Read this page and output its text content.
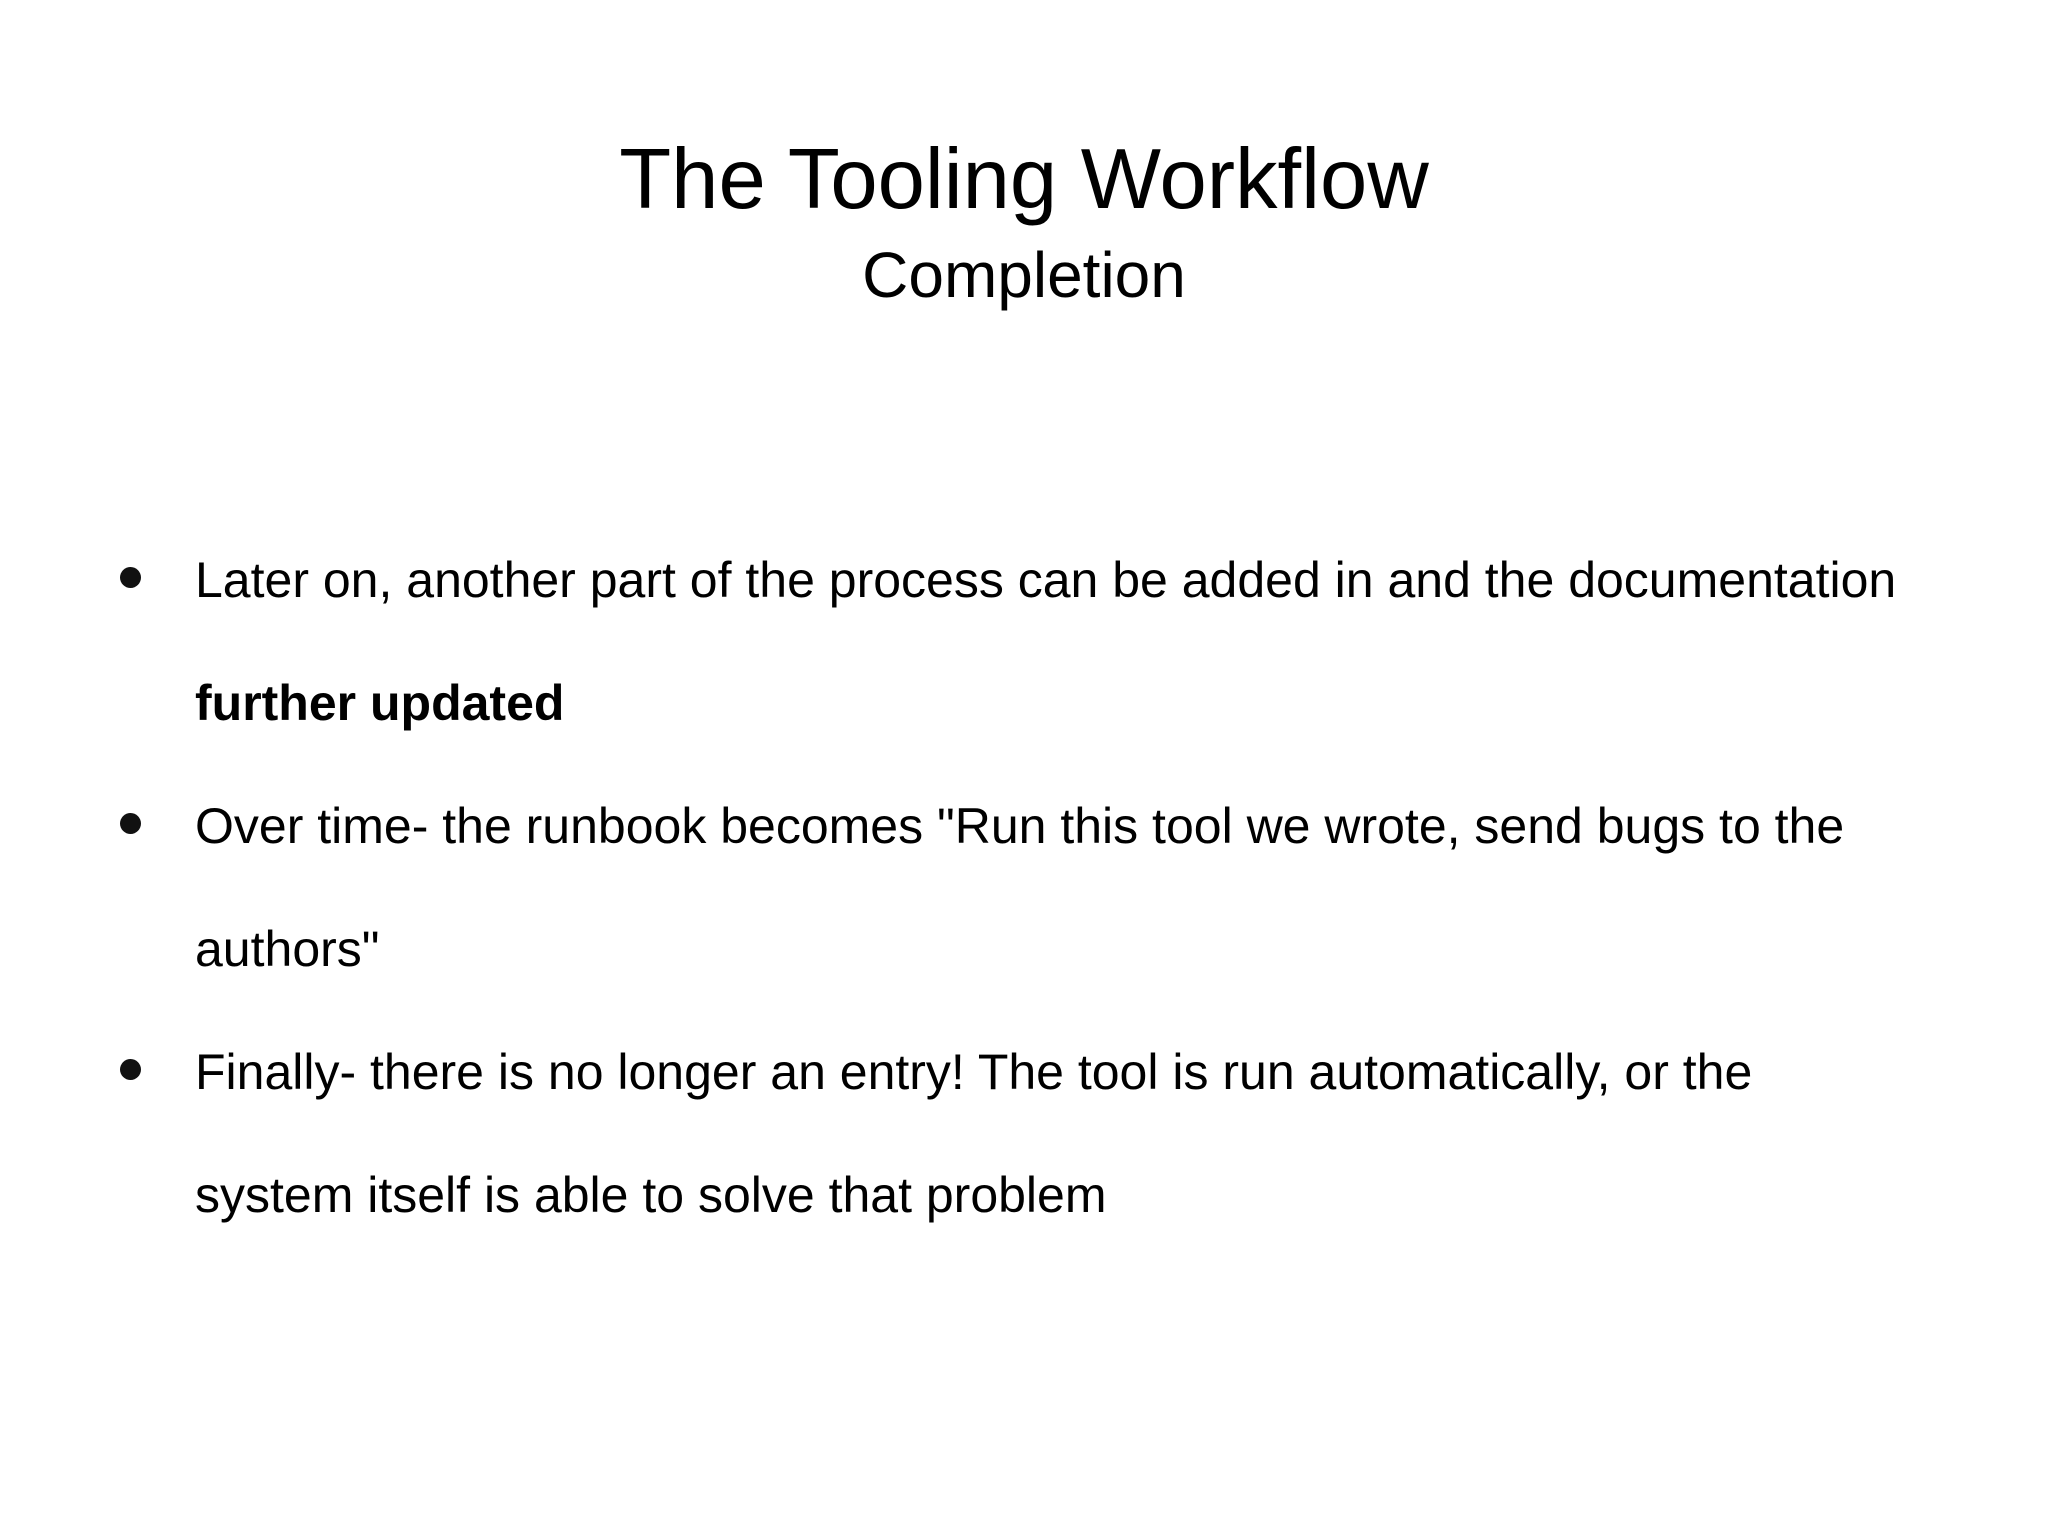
The Tooling Workflow
Completion
Later on, another part of the process can be added in and the documentation
further updated
Over time- the runbook becomes "Run this tool we wrote, send bugs to the
authors"
Finally- there is no longer an entry! The tool is run automatically, or the
system itself is able to solve that problem
